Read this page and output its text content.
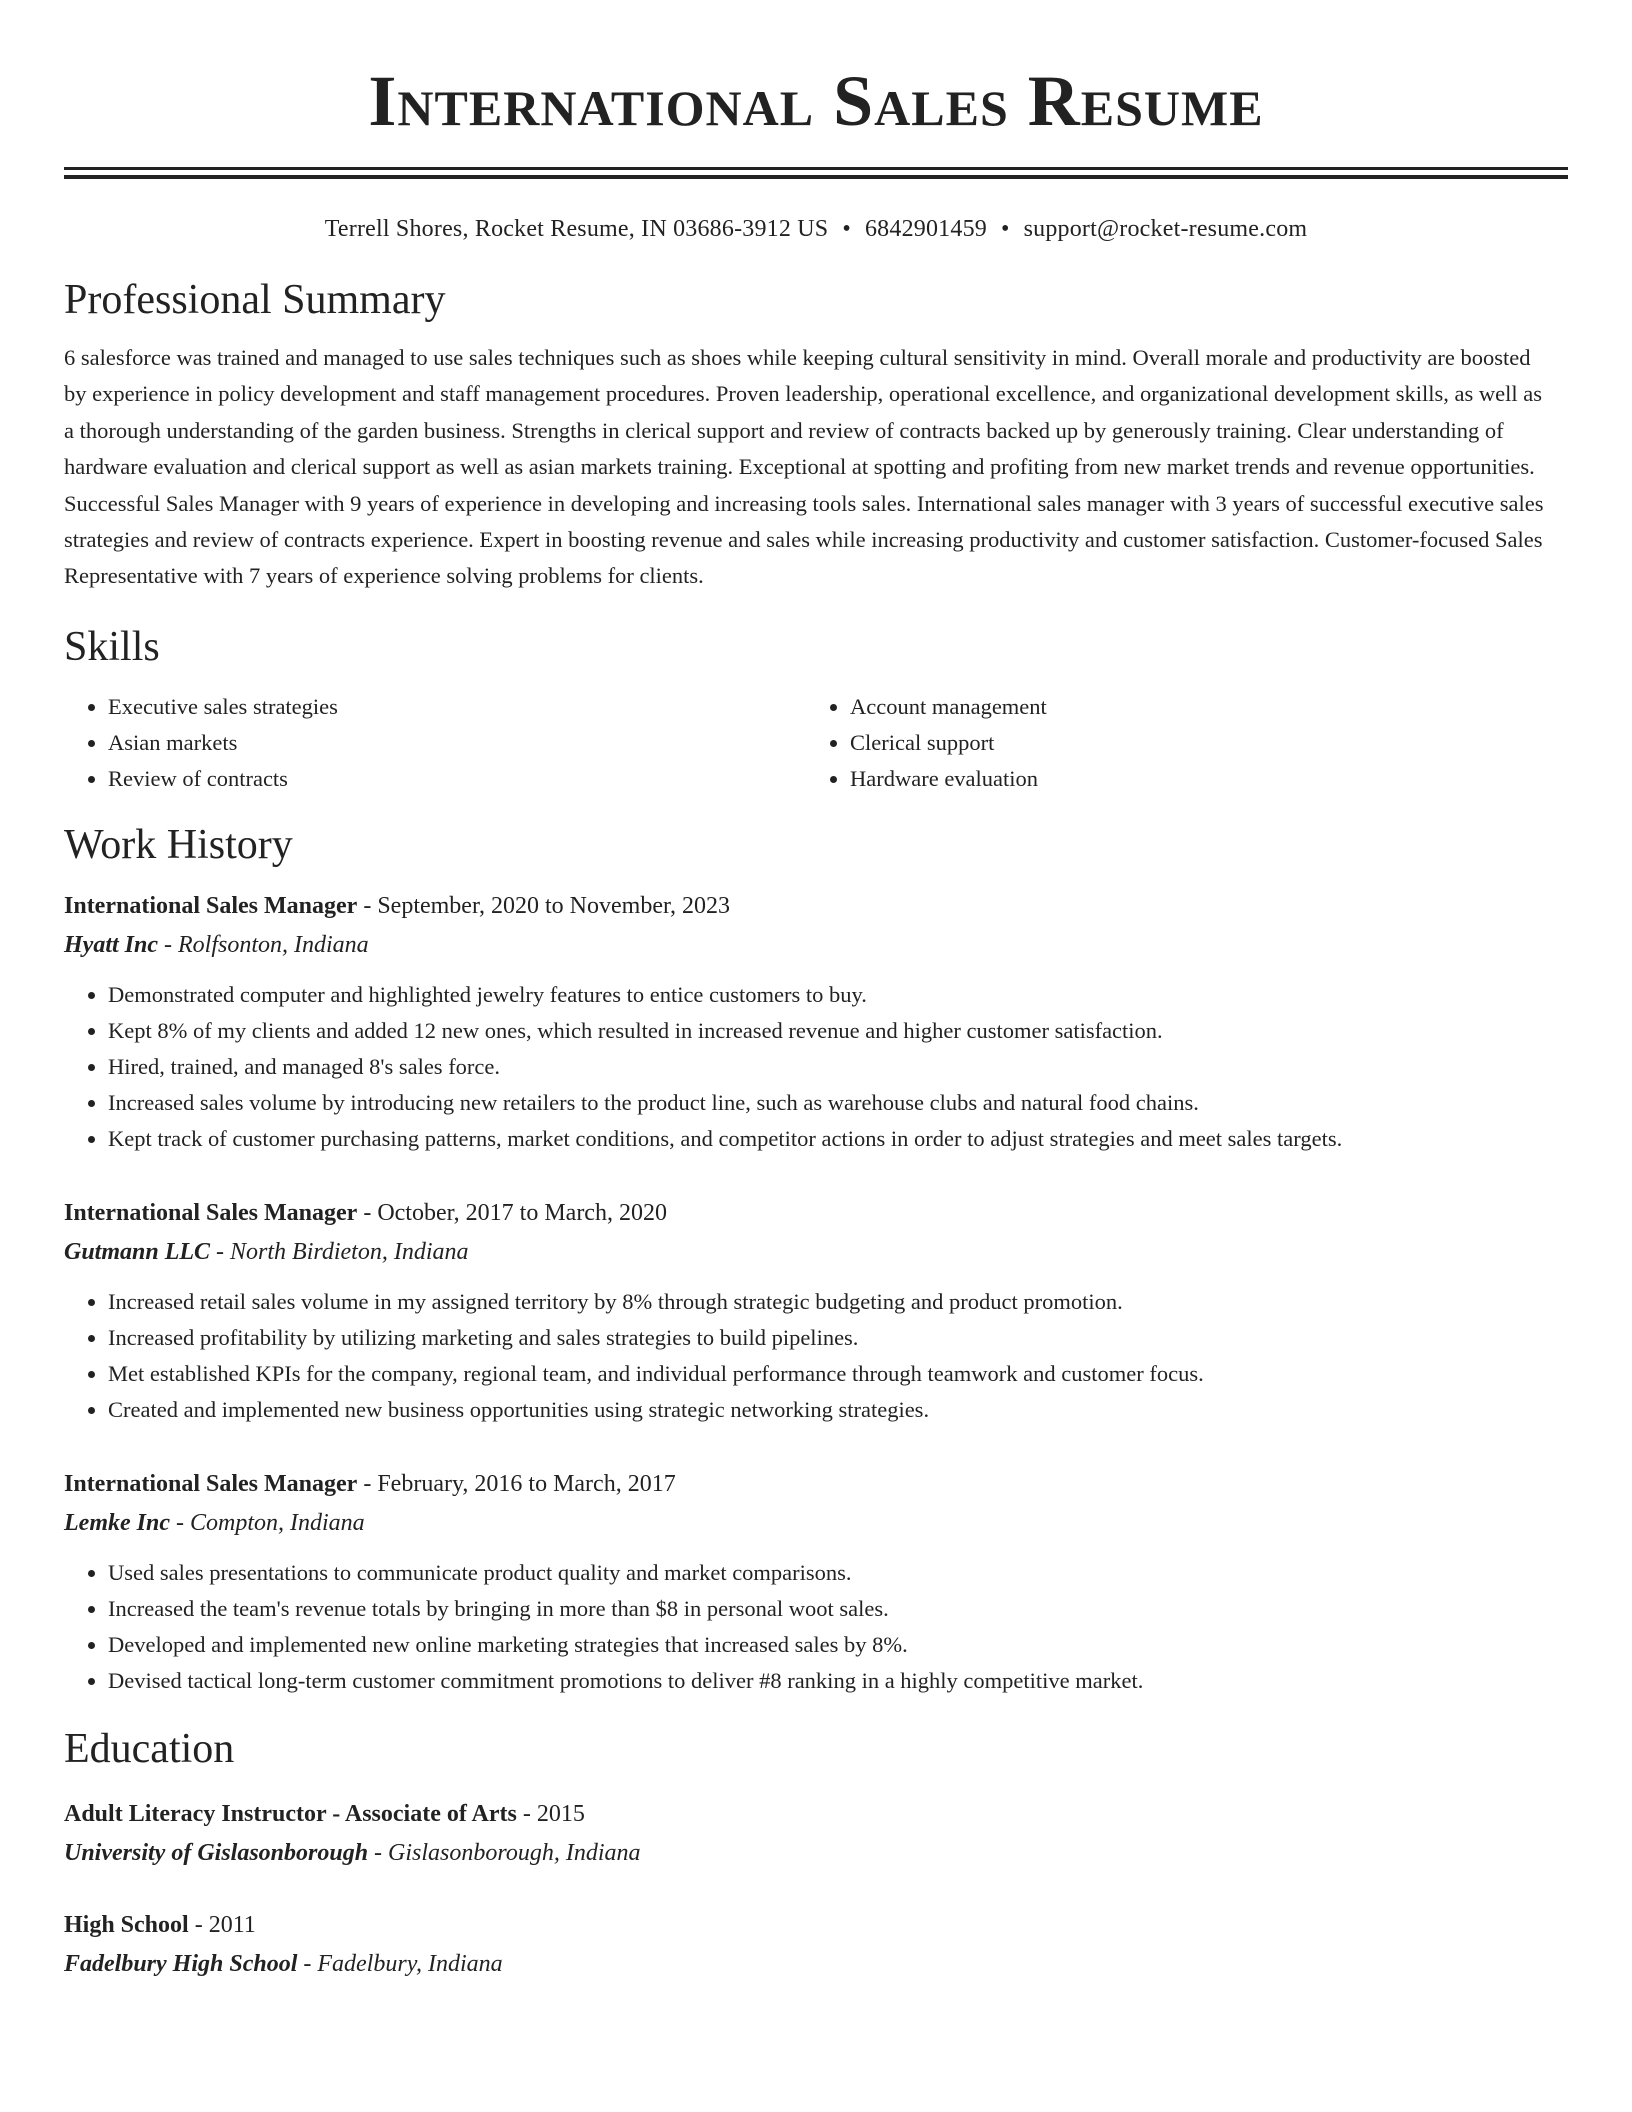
International Sales Resume
Terrell Shores, Rocket Resume, IN 03686-3912 US • 6842901459 • support@rocket-resume.com
Professional Summary
6 salesforce was trained and managed to use sales techniques such as shoes while keeping cultural sensitivity in mind. Overall morale and productivity are boosted by experience in policy development and staff management procedures. Proven leadership, operational excellence, and organizational development skills, as well as a thorough understanding of the garden business. Strengths in clerical support and review of contracts backed up by generously training. Clear understanding of hardware evaluation and clerical support as well as asian markets training. Exceptional at spotting and profiting from new market trends and revenue opportunities. Successful Sales Manager with 9 years of experience in developing and increasing tools sales. International sales manager with 3 years of successful executive sales strategies and review of contracts experience. Expert in boosting revenue and sales while increasing productivity and customer satisfaction. Customer-focused Sales Representative with 7 years of experience solving problems for clients.
Skills
• Executive sales strategies
• Asian markets
• Review of contracts
• Account management
• Clerical support
• Hardware evaluation
Work History
International Sales Manager - September, 2020 to November, 2023
Hyatt Inc - Rolfsonton, Indiana
• Demonstrated computer and highlighted jewelry features to entice customers to buy.
• Kept 8% of my clients and added 12 new ones, which resulted in increased revenue and higher customer satisfaction.
• Hired, trained, and managed 8's sales force.
• Increased sales volume by introducing new retailers to the product line, such as warehouse clubs and natural food chains.
• Kept track of customer purchasing patterns, market conditions, and competitor actions in order to adjust strategies and meet sales targets.
International Sales Manager - October, 2017 to March, 2020
Gutmann LLC - North Birdieton, Indiana
• Increased retail sales volume in my assigned territory by 8% through strategic budgeting and product promotion.
• Increased profitability by utilizing marketing and sales strategies to build pipelines.
• Met established KPIs for the company, regional team, and individual performance through teamwork and customer focus.
• Created and implemented new business opportunities using strategic networking strategies.
International Sales Manager - February, 2016 to March, 2017
Lemke Inc - Compton, Indiana
• Used sales presentations to communicate product quality and market comparisons.
• Increased the team's revenue totals by bringing in more than $8 in personal woot sales.
• Developed and implemented new online marketing strategies that increased sales by 8%.
• Devised tactical long-term customer commitment promotions to deliver #8 ranking in a highly competitive market.
Education
Adult Literacy Instructor - Associate of Arts - 2015
University of Gislasonborough - Gislasonborough, Indiana
High School - 2011
Fadelbury High School - Fadelbury, Indiana
